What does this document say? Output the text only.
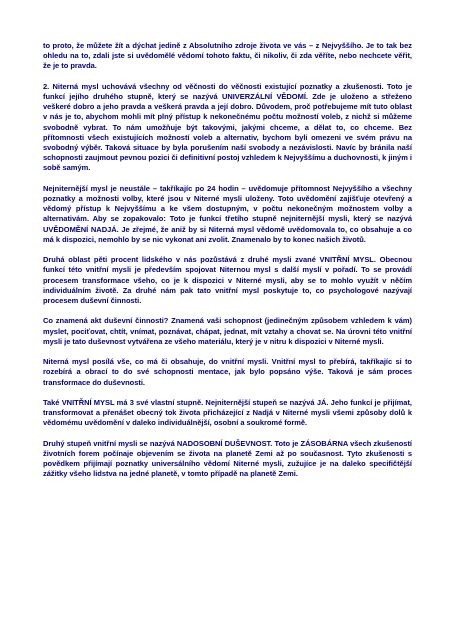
to proto, že můžete žít a dýchat jedině z Absolutního zdroje života ve vás – z Nejvyššího. Je to tak bez ohledu na to, zdali jste si uvědomělé vědomí tohoto faktu, či nikoliv, či zda věříte, nebo nechcete věřit, že je to pravda.

2. Niterná mysl uchovává všechny od věčnosti do věčnosti existující poznatky a zkušenosti. Toto je funkcí jejího druhého stupně, který se nazývá UNIVERZÁLNÍ VĚDOMÍ. Zde je uloženo a střeženo veškeré dobro a jeho pravda a veškerá pravda a její dobro. Důvodem, proč potřebujeme mít tuto oblast v nás je to, abychom mohli mít plný přístup k nekonečnému počtu možností voleb, z nichž si můžeme svobodně vybrat. To nám umožňuje být takovými, jakými chceme, a dělat to, co chceme. Bez přítomnosti všech existujících možností voleb a alternativ, bychom byli omezeni ve svém právu na svobodný výběr. Taková situace by byla porušením naší svobody a nezávislosti. Navíc by bránila naší schopnosti zaujmout pevnou pozici či definitivní postoj vzhledem k Nejvyššímu a duchovnosti, k jiným i sobě samým.

Nejniternější mysl je neustále – takříkajíc po 24 hodin – uvědomuje přítomnost Nejvyššího a všechny poznatky a možnosti volby, které jsou v Niterné mysli uloženy. Toto uvědomění zajišťuje otevřený a vědomý přístup k Nejvyššímu a ke všem dostupným, v počtu nekonečným možnostem volby a alternativám. Aby se zopakovalo: Toto je funkcí třetího stupně nejniternější mysli, který se nazývá UVĚDOMĚNÍ NADJÁ. Je zřejmé, že aniž by si Niterná mysl vědomě uvědomovala to, co obsahuje a co má k dispozici, nemohlo by se nic vykonat ani zvolit. Znamenalo by to konec našich životů.

Druhá oblast pěti procent lidského v nás pozůstává z druhé mysli zvané VNITŘNÍ MYSL. Obecnou funkcí této vnitřní mysli je především spojovat Niternou mysl s další myslí v pořadí. To se provádí procesem transformace všeho, co je k dispozici v Niterné mysli, aby se to mohlo využít v něčím individuálním životě. Za druhé nám pak tato vnitřní mysl poskytuje to, co psychologové nazývají procesem duševní činnosti.

Co znamená akt duševní činnosti? Znamená vaši schopnost (jedinečným způsobem vzhledem k vám) myslet, pociťovat, chtít, vnímat, poznávat, chápat, jednat, mít vztahy a chovat se. Na úrovni této vnitřní mysli je tato duševnost vytvářena ze všeho materiálu, který je v nitru k dispozici v Niterné mysli.

Niterná mysl posílá vše, co má či obsahuje, do vnitřní mysli. Vnitřní mysl to přebírá, takříkajíc si to rozebírá a obrací to do své schopnosti mentace, jak bylo popsáno výše. Taková je sám proces transformace do duševnosti.

Také VNITŘNÍ MYSL má 3 své vlastní stupně. Nejniternější stupeň se nazývá JÁ. Jeho funkcí je přijímat, transformovat a přenášet obecný tok života přicházející z Nadjá v Niterné mysli všemi způsoby dolů k vědomému uvědomění v daleko individuálnější, osobní a soukromé formě.

Druhý stupeň vnitřní mysli se nazývá NADOSOBNÍ DUŠEVNOST. Toto je ZÁSOBÁRNA všech zkušeností životních forem počínaje objevením se života na planetě Zemi až po současnost. Tyto zkušenosti s povědkem přijímají poznatky universálního vědomí Niterné mysli, zužujíce je na daleko specifičtější zážitky všeho lidstva na jedné planetě, v tomto případě na planetě Zemi.
